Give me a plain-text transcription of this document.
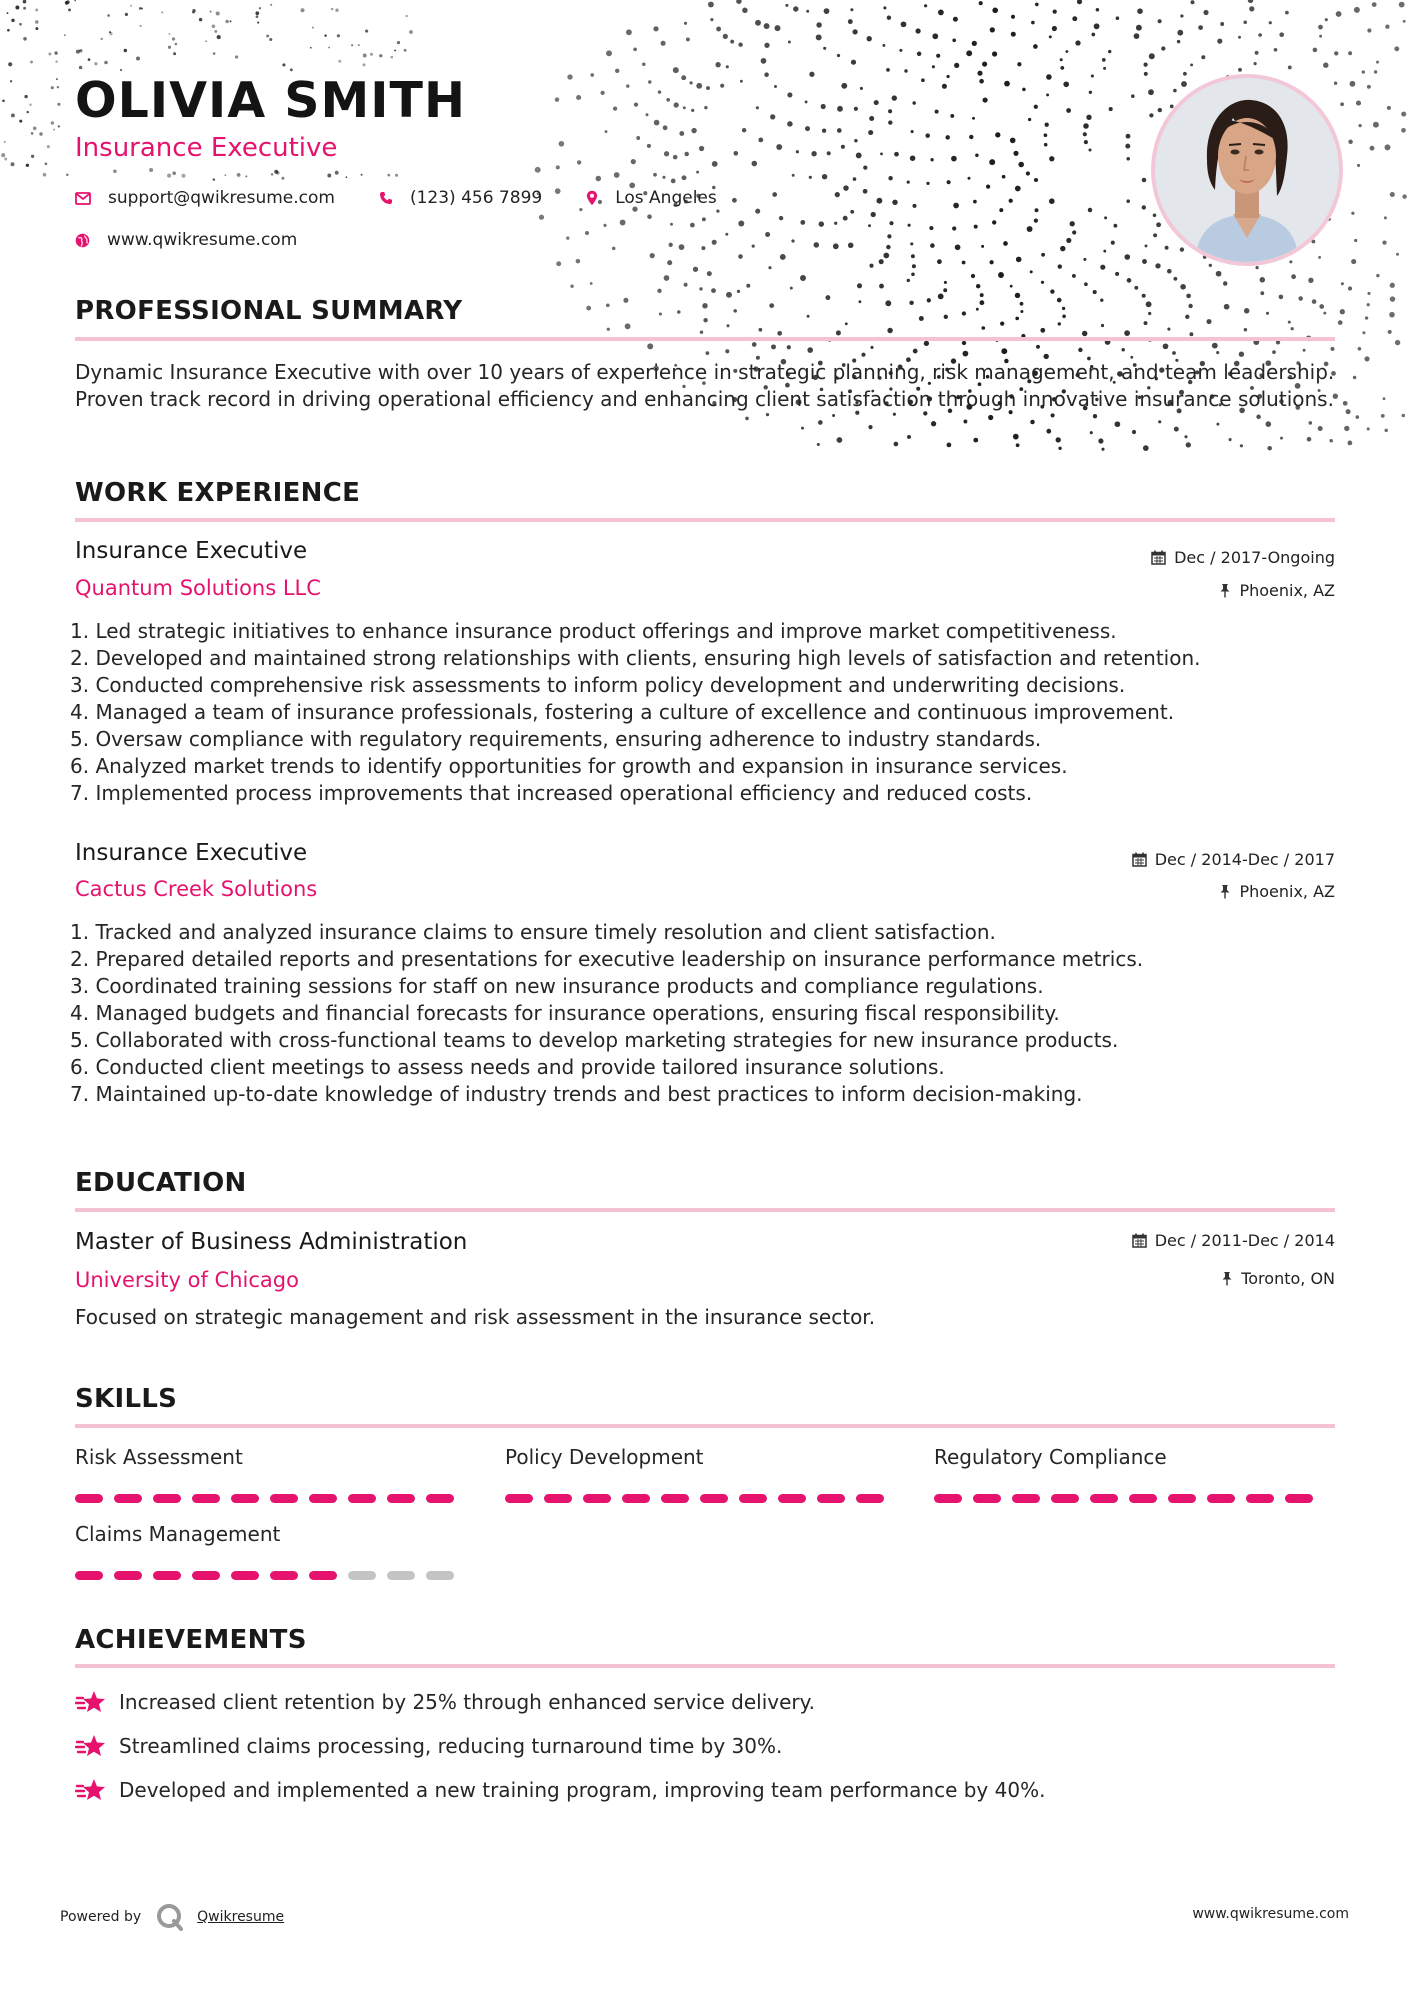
OLIVIA SMITH
Insurance Executive
support@qwikresume.com	(123) 456 7899	Los Angeles
www.qwikresume.com
PROFESSIONAL SUMMARY

Dynamic Insurance Executive with over 10 years of experience in strategic planning, risk management, and team leadership. Proven track record in driving operational efficiency and enhancing client satisfaction through innovative insurance solutions.

WORK EXPERIENCE
Insurance Executive	Dec / 2017-Ongoing
Quantum Solutions LLC	Phoenix, AZ
1. Led strategic initiatives to enhance insurance product offerings and improve market competitiveness.
2. Developed and maintained strong relationships with clients, ensuring high levels of satisfaction and retention.
3. Conducted comprehensive risk assessments to inform policy development and underwriting decisions.
4. Managed a team of insurance professionals, fostering a culture of excellence and continuous improvement.
5. Oversaw compliance with regulatory requirements, ensuring adherence to industry standards.
6. Analyzed market trends to identify opportunities for growth and expansion in insurance services.
7. Implemented process improvements that increased operational efficiency and reduced costs.
Insurance Executive	Dec / 2014-Dec / 2017
Cactus Creek Solutions	Phoenix, AZ
1. Tracked and analyzed insurance claims to ensure timely resolution and client satisfaction.
2. Prepared detailed reports and presentations for executive leadership on insurance performance metrics.
3. Coordinated training sessions for staff on new insurance products and compliance regulations.
4. Managed budgets and financial forecasts for insurance operations, ensuring fiscal responsibility.
5. Collaborated with cross-functional teams to develop marketing strategies for new insurance products.
6. Conducted client meetings to assess needs and provide tailored insurance solutions.
7. Maintained up-to-date knowledge of industry trends and best practices to inform decision-making.
EDUCATION
Master of Business Administration	Dec / 2011-Dec / 2014
University of Chicago	Toronto, ON

Focused on strategic management and risk assessment in the insurance sector.

SKILLS
Risk Assessment	Policy Development	Regulatory Compliance
Claims Management
ACHIEVEMENTS
Increased client retention by 25% through enhanced service delivery.
Streamlined claims processing, reducing turnaround time by 30%.
Developed and implemented a new training program, improving team performance by 40%.
Powered by	Qwikresume	www.qwikresume.com
